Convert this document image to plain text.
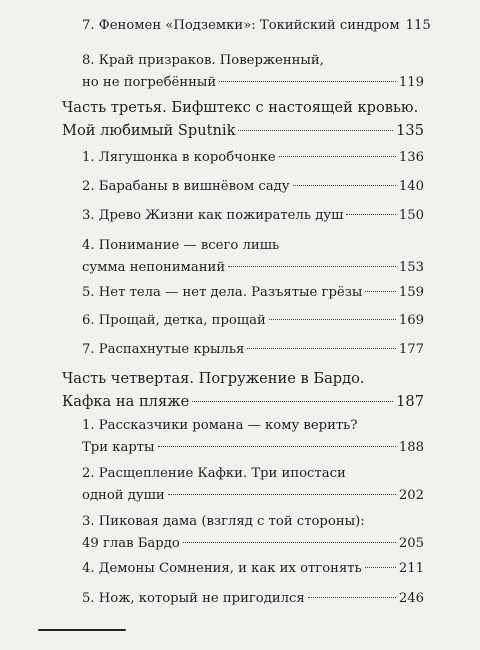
7. Феномен «Подземки»: Токийский синдром 115
8. Край призраков. Поверженный,
но не погребённый	119
Часть третья. Бифштекс с настоящей кровью.
Мой любимый Sputnik	135
1. Лягушонка в коробчонке	136
2. Барабаны в вишнёвом саду	140
3. Древо Жизни как пожиратель душ	150
4. Понимание — всего лишь
сумма непониманий	153
5. Нет тела — нет дела. Разъятые грёзы	159
6. Прощай, детка, прощай	169
7. Распахнутые крылья	177
Часть четвертая. Погружение в Бардо.
Кафка на пляже	187
1. Рассказчики романа — кому верить?
Три карты	188
2. Расщепление Кафки. Три ипостаси
одной души	202
3. Пиковая дама (взгляд с той стороны):
49 глав Бардо	205
4. Демоны Сомнения, и как их отгонять	211
5. Нож, который не пригодился	246
